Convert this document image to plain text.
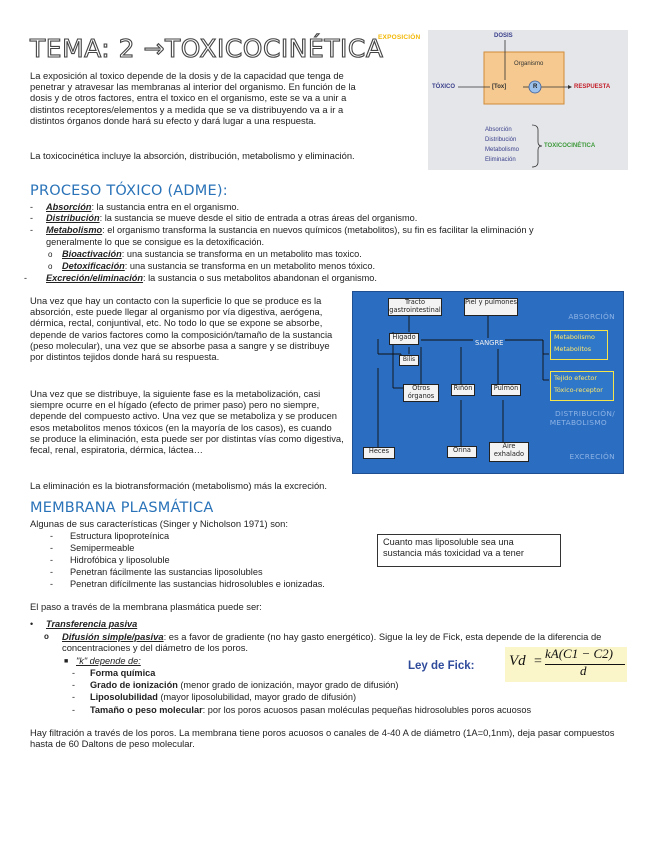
TEMA: 2 →TOXICOCINÉTICA
La exposición al toxico depende de la dosis y de la capacidad que tenga de penetrar y atravesar las membranas al interior del organismo. En función de la dosis y de otros factores, entra el toxico en el organismo, este se va a unir a distintos receptores/elementos y a medida que se va distribuyendo va a ir a distintos órganos donde hará su efecto y dará lugar a una respuesta.
La toxicocinética incluye la absorción, distribución, metabolismo y eliminación.
EXPOSICIÓN	DOSIS
Organismo
TÓXICO	[Tox]	R	RESPUESTA
Absorción
Distribución
Metabolismo
Eliminación
TOXICOCINÉTICA
PROCESO TÓXICO (ADME):
- Absorción: la sustancia entra en el organismo.
- Distribución: la sustancia se mueve desde el sitio de entrada a otras áreas del organismo.
- Metabolismo: el organismo transforma la sustancia en nuevos químicos (metabolitos), su fin es facilitar la eliminación y
generalmente lo que se consigue es la detoxificación.
o Bioactivación: una sustancia se transforma en un metabolito mas toxico.
o Detoxificación: una sustancia se transforma en un metabolito menos tóxico.
- Excreción/eliminación: la sustancia o sus metabolitos abandonan el organismo.
Una vez que hay un contacto con la superficie lo que se produce es la absorción, este puede llegar al organismo por vía digestiva, aerógena, dérmica, rectal, conjuntival, etc. No todo lo que se expone se absorbe, depende de varios factores como la composición/tamaño de la sustancia (peso molecular), una vez que se absorbe pasa a sangre y se distribuye por distintos tejidos donde hará su respuesta.
Una vez que se distribuye, la siguiente fase es la metabolización, casi siempre ocurre en el hígado (efecto de primer paso) pero no siempre, depende del compuesto activo. Una vez que se metaboliza y se producen esos metabolitos menos tóxicos (en la mayoría de los casos), es cuando se produce la eliminación, esta puede ser por distintas vías como digestiva, fecal, renal, espiratoria, dérmica, láctea…
La eliminación es la biotransformación (metabolismo) más la excreción.
Tracto gastrointestinal
Piel y pulmones
Hígado
SANGRE
Bilis
Otros órganos
Riñón	Pulmón
Heces	Orina	Aire exhalado
Metabolismo
Metabolitos
Tejido efector
Tóxico-receptor
ABSORCIÓN
DISTRIBUCIÓN/
METABOLISMO
EXCRECIÓN
MEMBRANA PLASMÁTICA
Algunas de sus características (Singer y Nicholson 1971) son:
- Estructura lipoproteínica
- Semipermeable
- Hidrofóbica y liposoluble
- Penetran fácilmente las sustancias liposolubles
- Penetran difícilmente las sustancias hidrosolubles e ionizadas.
Cuanto mas liposoluble sea una sustancia más toxicidad va a tener
El paso a través de la membrana plasmática puede ser:
• Transferencia pasiva
o Difusión simple/pasiva: es a favor de gradiente (no hay gasto energético). Sigue la ley de Fick, esta depende de la diferencia de concentraciones y del diámetro de los poros.
■ "k" depende de:
- Forma química
- Grado de ionización (menor grado de ionización, mayor grado de difusión)
- Liposolubilidad (mayor liposolubilidad, mayor grado de difusión)
- Tamaño o peso molecular: por los poros acuosos pasan moléculas pequeñas hidrosolubles poros acuosos
Ley de Fick: Vd =
kA(C1 − C2)
d
Hay filtración a través de los poros. La membrana tiene poros acuosos o canales de 4-40 A de diámetro (1A=0,1nm), deja pasar compuestos hasta de 60 Daltons de peso molecular.
